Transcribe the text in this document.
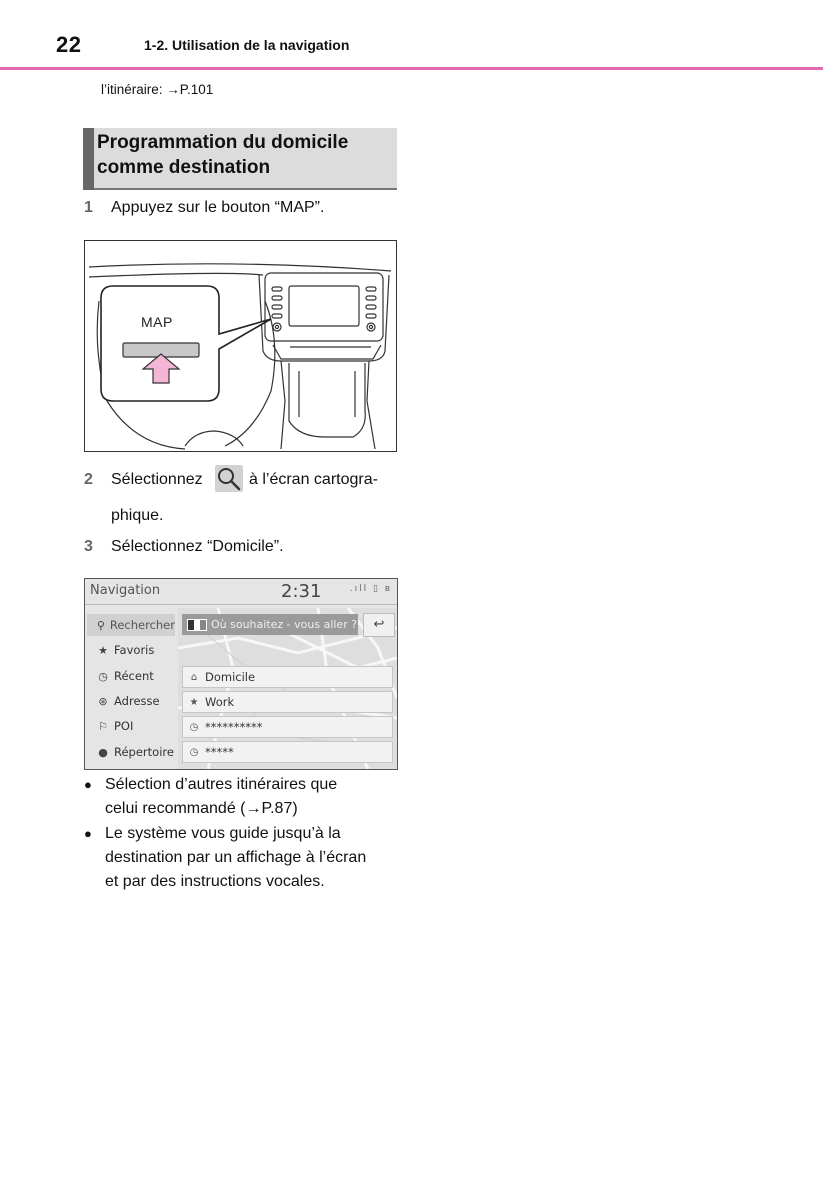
22	1-2. Utilisation de la navigation
l’itinéraire: →P.101
Programmation du domicile
comme destination
1 Appuyez sur le bouton “MAP”.
MAP
2 Sélectionnez	à l’écran cartogra-
phique.
3 Sélectionnez “Domicile”.
Navigation	2:31	.ıll ▯ ʙ
⚲ Rechercher
★ Favoris
◷ Récent
⊛ Adresse
⚐ POI
● Répertoire
Où souhaitez - vous aller ?	↩
⌂ Domicile
★ Work
◷ **********
◷ *****
● Sélection d’autres itinéraires que
celui recommandé (→P.87)
● Le système vous guide jusqu’à la
destination par un affichage à l’écran
et par des instructions vocales.
